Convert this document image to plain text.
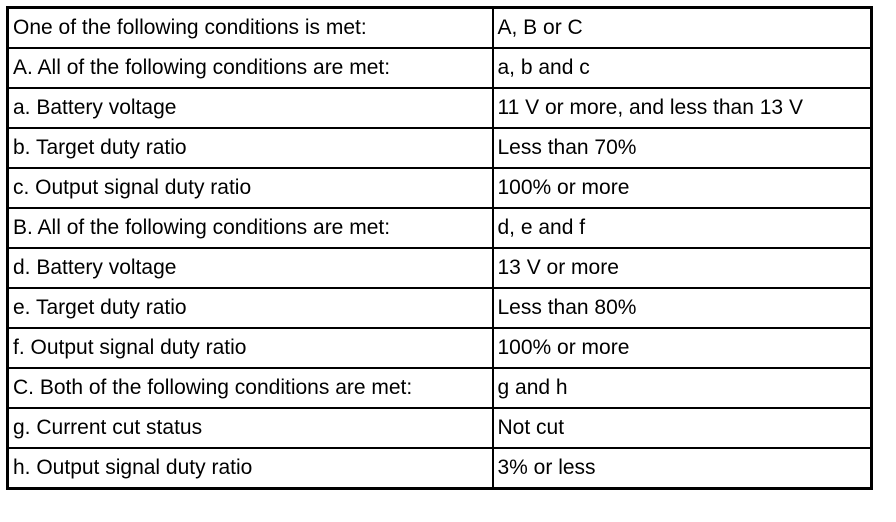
One of the following conditions is met:	A, B or C
A. All of the following conditions are met:	a, b and c
a. Battery voltage	11 V or more, and less than 13 V
b. Target duty ratio	Less than 70%
c. Output signal duty ratio	100% or more
B. All of the following conditions are met:	d, e and f
d. Battery voltage	13 V or more
e. Target duty ratio	Less than 80%
f. Output signal duty ratio	100% or more
C. Both of the following conditions are met:	g and h
g. Current cut status	Not cut
h. Output signal duty ratio	3% or less
